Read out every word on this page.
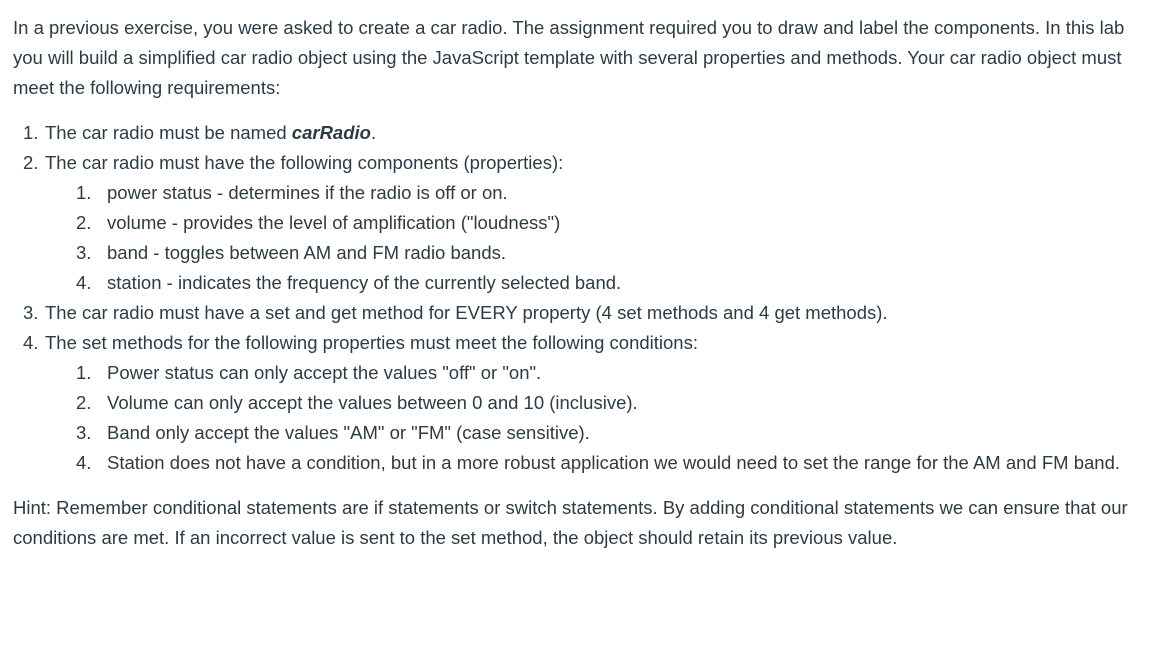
In a previous exercise, you were asked to create a car radio. The assignment required you to draw and label the components. In this lab you will build a simplified car radio object using the JavaScript template with several properties and methods. Your car radio object must meet the following requirements:

1. The car radio must be named carRadio.
2. The car radio must have the following components (properties):
1. power status - determines if the radio is off or on.
2. volume - provides the level of amplification ("loudness")
3. band - toggles between AM and FM radio bands.
4. station - indicates the frequency of the currently selected band.
3. The car radio must have a set and get method for EVERY property (4 set methods and 4 get methods).
4. The set methods for the following properties must meet the following conditions:
1. Power status can only accept the values "off" or "on".
2. Volume can only accept the values between 0 and 10 (inclusive).
3. Band only accept the values "AM" or "FM" (case sensitive).
4. Station does not have a condition, but in a more robust application we would need to set the range for the AM and FM band.

Hint: Remember conditional statements are if statements or switch statements. By adding conditional statements we can ensure that our conditions are met. If an incorrect value is sent to the set method, the object should retain its previous value.
